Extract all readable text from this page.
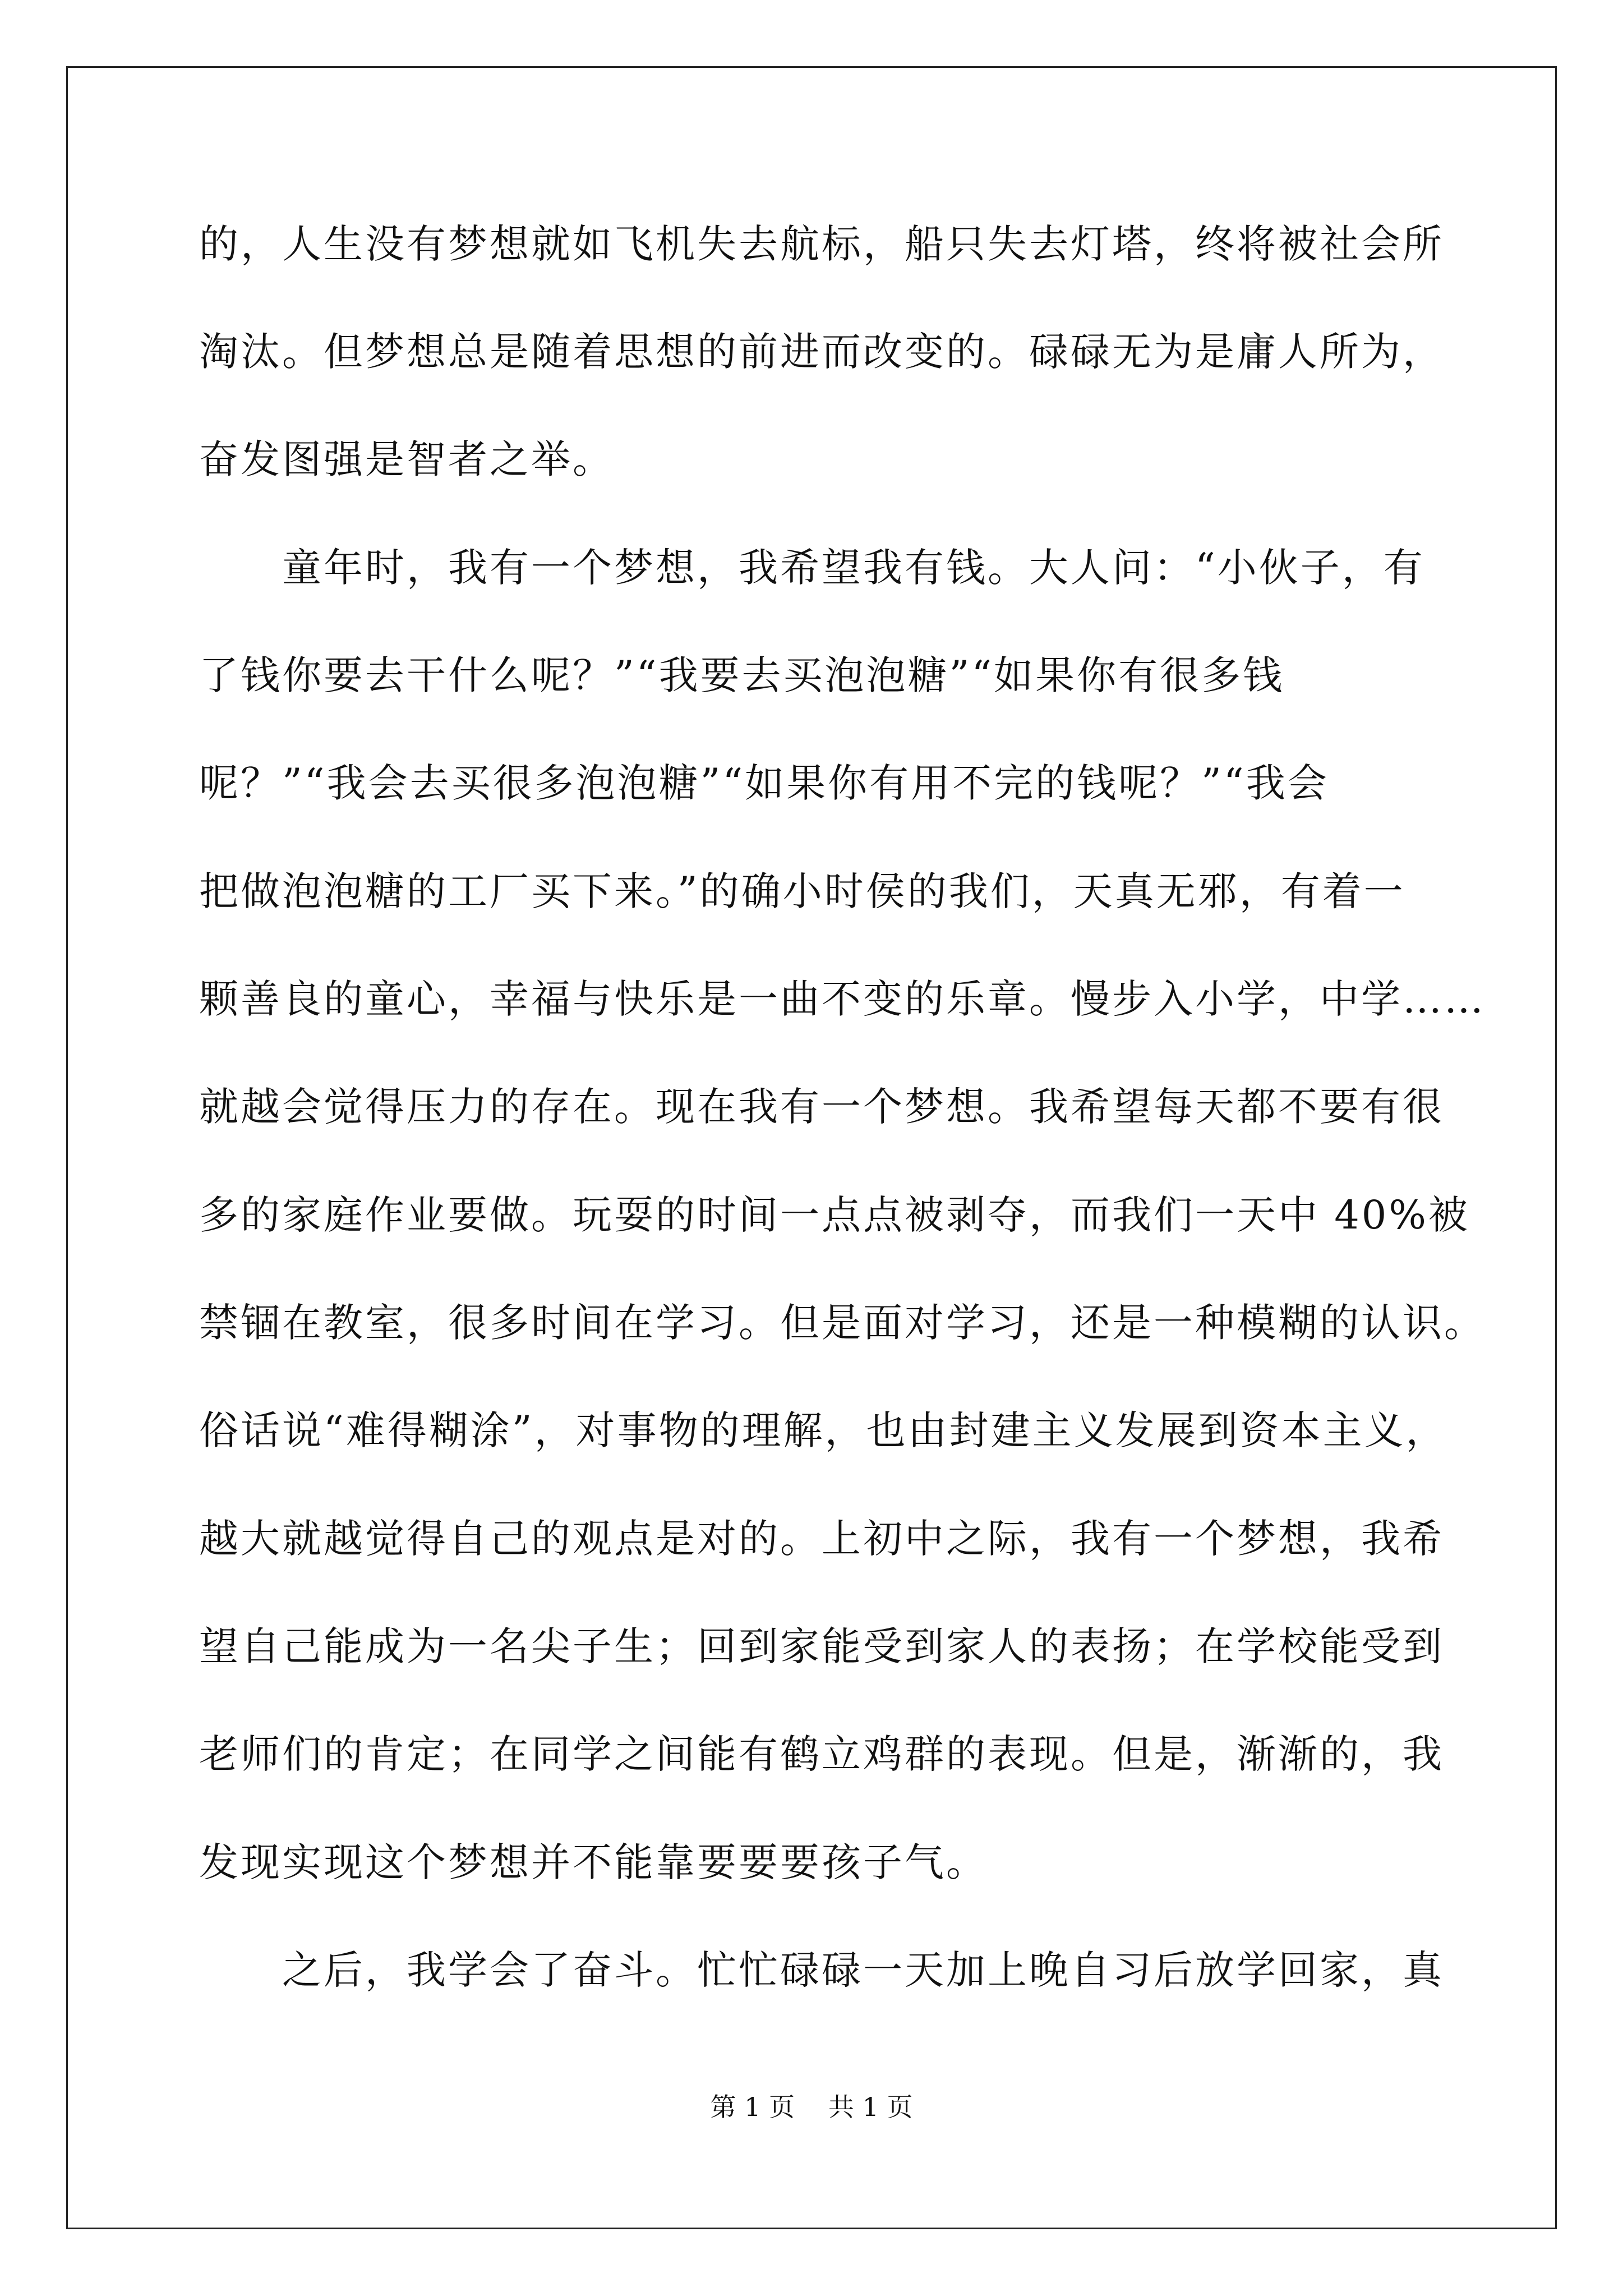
的，人生没有梦想就如飞机失去航标，船只失去灯塔，终将被社会所
淘汰。但梦想总是随着思想的前进而改变的。碌碌无为是庸人所为，
奋发图强是智者之举。
　　童年时，我有一个梦想，我希望我有钱。大人问：“小伙子，有
了钱你要去干什么呢？”“我要去买泡泡糖”“如果你有很多钱
呢？”“我会去买很多泡泡糖”“如果你有用不完的钱呢？”“我会
把做泡泡糖的工厂买下来。”的确小时侯的我们，天真无邪，有着一
颗善良的童心，幸福与快乐是一曲不变的乐章。慢步入小学，中学……
就越会觉得压力的存在。现在我有一个梦想。我希望每天都不要有很
多的家庭作业要做。玩耍的时间一点点被剥夺，而我们一天中 40%被
禁锢在教室，很多时间在学习。但是面对学习，还是一种模糊的认识。
俗话说“难得糊涂”，对事物的理解，也由封建主义发展到资本主义，
越大就越觉得自己的观点是对的。上初中之际，我有一个梦想，我希
望自己能成为一名尖子生；回到家能受到家人的表扬；在学校能受到
老师们的肯定；在同学之间能有鹤立鸡群的表现。但是，渐渐的，我
发现实现这个梦想并不能靠要要要孩子气。
　　之后，我学会了奋斗。忙忙碌碌一天加上晚自习后放学回家，真
第 1 页 共 1 页
